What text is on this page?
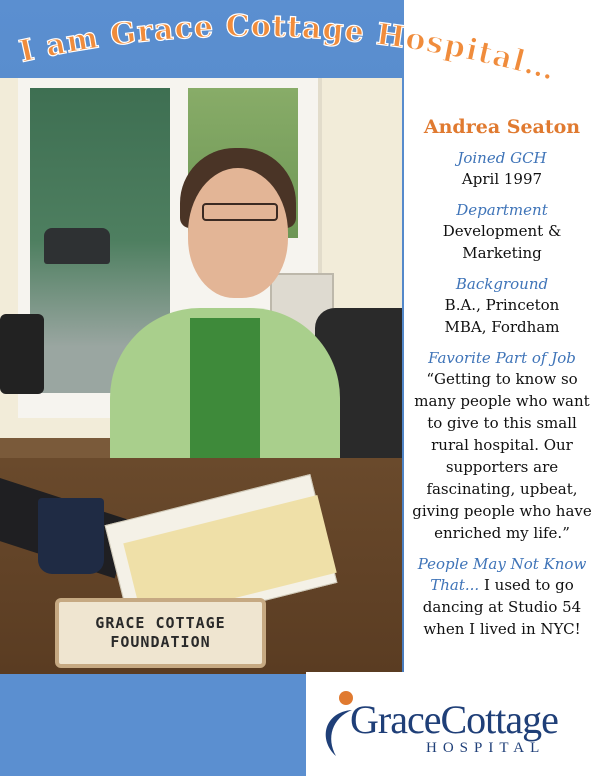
GRACE COTTAGE
FOUNDATION
I am Grace Cottage Hospital…
Andrea Seaton
Joined GCH
April 1997
Department
Development &
Marketing
Background
B.A., Princeton
MBA, Fordham
Favorite Part of Job
“Getting to know so
many people who want
to give to this small
rural hospital. Our
supporters are
fascinating, upbeat,
giving people who have
enriched my life.”
People May Not Know
That... I used to go
dancing at Studio 54
when I lived in NYC!
GraceCottage
HOSPITAL
